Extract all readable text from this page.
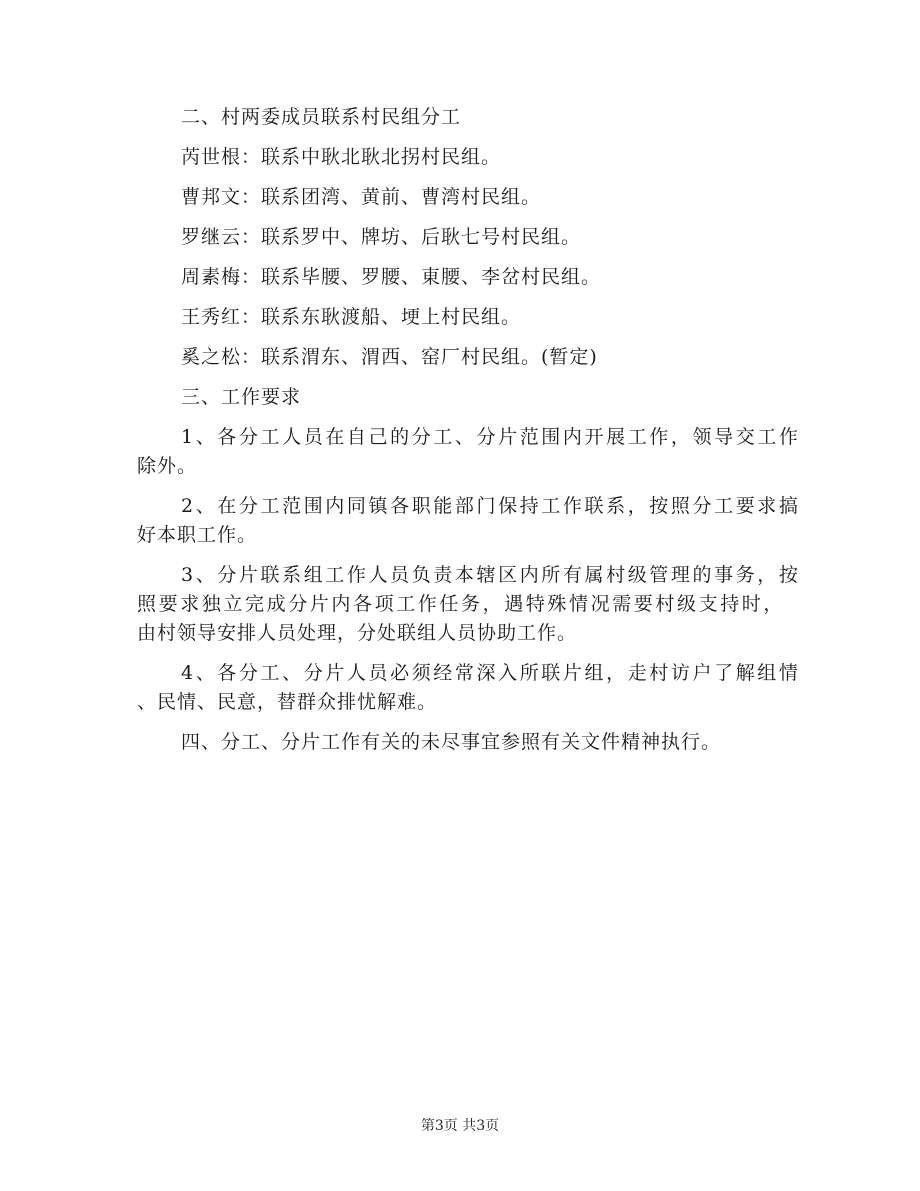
二、村两委成员联系村民组分工
芮世根：联系中耿北耿北拐村民组。
曹邦文：联系团湾、黄前、曹湾村民组。
罗继云：联系罗中、牌坊、后耿七号村民组。
周素梅：联系毕腰、罗腰、東腰、李岔村民组。
王秀红：联系东耿渡船、埂上村民组。
奚之松：联系渭东、渭西、窑厂村民组。(暂定)
三、工作要求
1、各分工人员在自己的分工、分片范围内开展工作，领导交工作
除外。
2、在分工范围内同镇各职能部门保持工作联系，按照分工要求搞
好本职工作。
3、分片联系组工作人员负责本辖区内所有属村级管理的事务，按
照要求独立完成分片内各项工作任务，遇特殊情况需要村级支持时，
由村领导安排人员处理，分处联组人员协助工作。
4、各分工、分片人员必须经常深入所联片组，走村访户了解组情
、民情、民意，替群众排忧解难。
四、分工、分片工作有关的未尽事宜参照有关文件精神执行。
第3页 共3页
